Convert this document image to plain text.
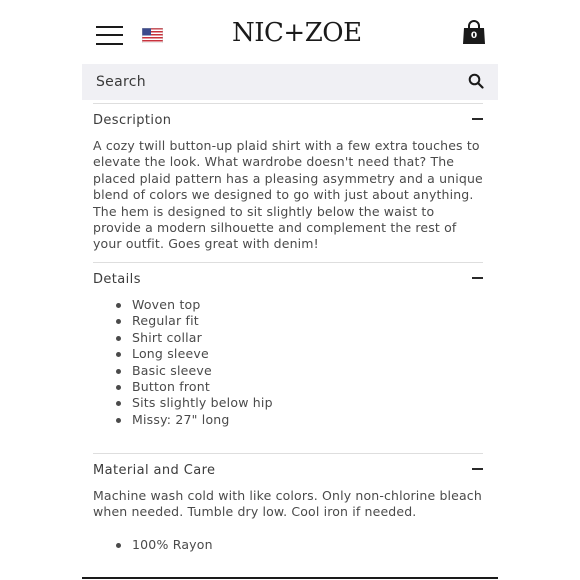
NIC+ZOE	0
Search
Description
A cozy twill button-up plaid shirt with a few extra touches to elevate the look. What wardrobe doesn't need that? The placed plaid pattern has a pleasing asymmetry and a unique blend of colors we designed to go with just about anything. The hem is designed to sit slightly below the waist to provide a modern silhouette and complement the rest of your outfit. Goes great with denim!
Details
Woven top
Regular fit
Shirt collar
Long sleeve
Basic sleeve
Button front
Sits slightly below hip
Missy: 27" long
Material and Care
Machine wash cold with like colors. Only non-chlorine bleach when needed. Tumble dry low. Cool iron if needed.
100% Rayon
